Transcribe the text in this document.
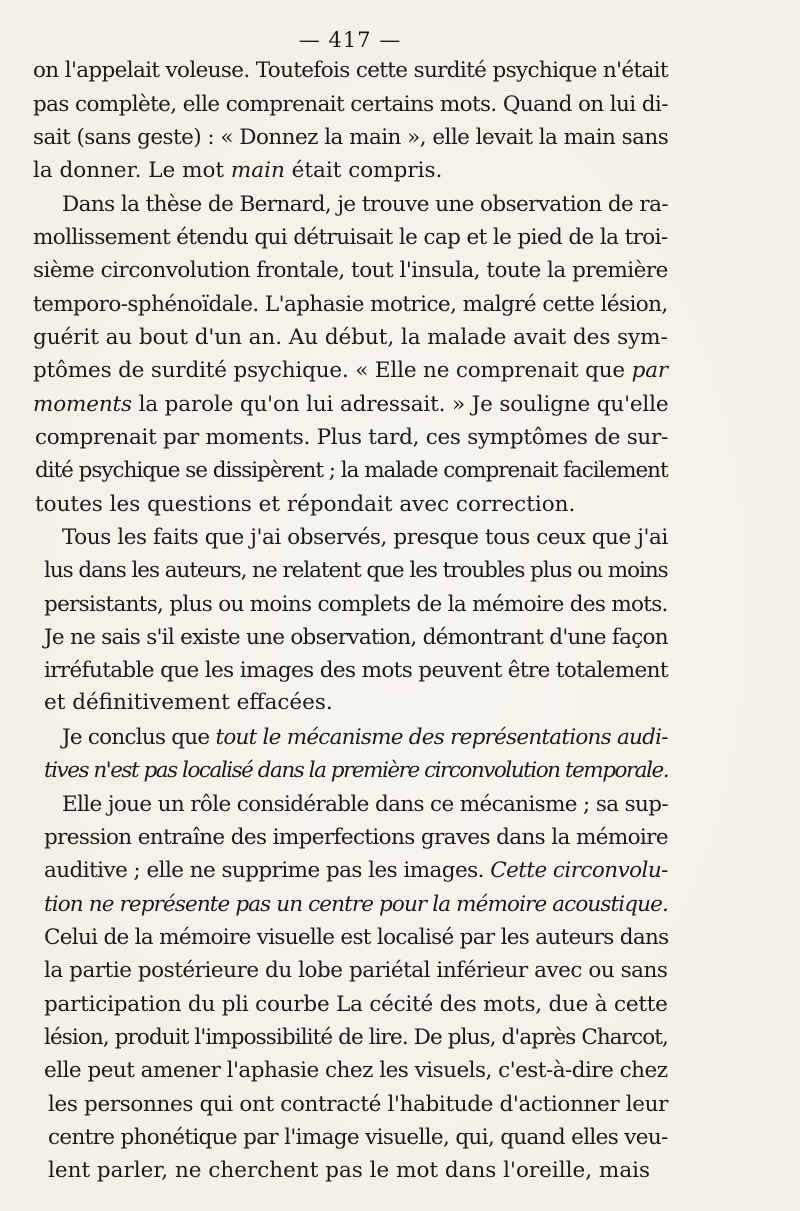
— 417 —
on l'appelait voleuse. Toutefois cette surdité psychique n'était
pas complète, elle comprenait certains mots. Quand on lui di-
sait (sans geste) : « Donnez la main », elle levait la main sans
la donner. Le mot main était compris.
Dans la thèse de Bernard, je trouve une observation de ra-
mollissement étendu qui détruisait le cap et le pied de la troi-
sième circonvolution frontale, tout l'insula, toute la première
temporo-sphénoïdale. L'aphasie motrice, malgré cette lésion,
guérit au bout d'un an. Au début, la malade avait des sym-
ptômes de surdité psychique. « Elle ne comprenait que par
moments la parole qu'on lui adressait. » Je souligne qu'elle
comprenait par moments. Plus tard, ces symptômes de sur-
dité psychique se dissipèrent ; la malade comprenait facilement
toutes les questions et répondait avec correction.
Tous les faits que j'ai observés, presque tous ceux que j'ai
lus dans les auteurs, ne relatent que les troubles plus ou moins
persistants, plus ou moins complets de la mémoire des mots.
Je ne sais s'il existe une observation, démontrant d'une façon
irréfutable que les images des mots peuvent être totalement
et définitivement effacées.
Je conclus que tout le mécanisme des représentations audi-
tives n'est pas localisé dans la première circonvolution temporale.
Elle joue un rôle considérable dans ce mécanisme ; sa sup-
pression entraîne des imperfections graves dans la mémoire
auditive ; elle ne supprime pas les images. Cette circonvolu-
tion ne représente pas un centre pour la mémoire acoustique.
Celui de la mémoire visuelle est localisé par les auteurs dans
la partie postérieure du lobe pariétal inférieur avec ou sans
participation du pli courbe La cécité des mots, due à cette
lésion, produit l'impossibilité de lire. De plus, d'après Charcot,
elle peut amener l'aphasie chez les visuels, c'est-à-dire chez
les personnes qui ont contracté l'habitude d'actionner leur
centre phonétique par l'image visuelle, qui, quand elles veu-
lent parler, ne cherchent pas le mot dans l'oreille, mais
